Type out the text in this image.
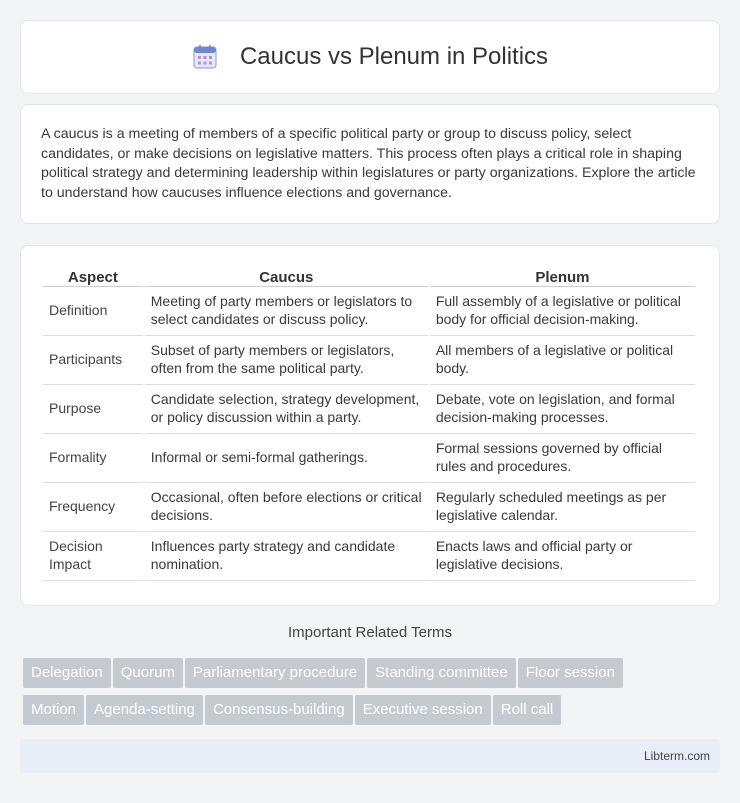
Caucus vs Plenum in Politics

A caucus is a meeting of members of a specific political party or group to discuss policy, select candidates, or make decisions on legislative matters. This process often plays a critical role in shaping political strategy and determining leadership within legislatures or party organizations. Explore the article to understand how caucuses influence elections and governance.

Aspect	Caucus	Plenum
Definition	Meeting of party members or legislators to select candidates or discuss policy.	Full assembly of a legislative or political body for official decision-making.
Participants	Subset of party members or legislators, often from the same political party.	All members of a legislative or political body.
Purpose	Candidate selection, strategy development, or policy discussion within a party.	Debate, vote on legislation, and formal decision-making processes.
Formality	Informal or semi-formal gatherings.	Formal sessions governed by official rules and procedures.
Frequency	Occasional, often before elections or critical decisions.	Regularly scheduled meetings as per legislative calendar.
Decision Impact	Influences party strategy and candidate nomination.	Enacts laws and official party or legislative decisions.
Important Related Terms
Delegation Quorum Parliamentary procedure Standing committee Floor session
Motion Agenda-setting Consensus-building Executive session Roll call
Libterm.com
